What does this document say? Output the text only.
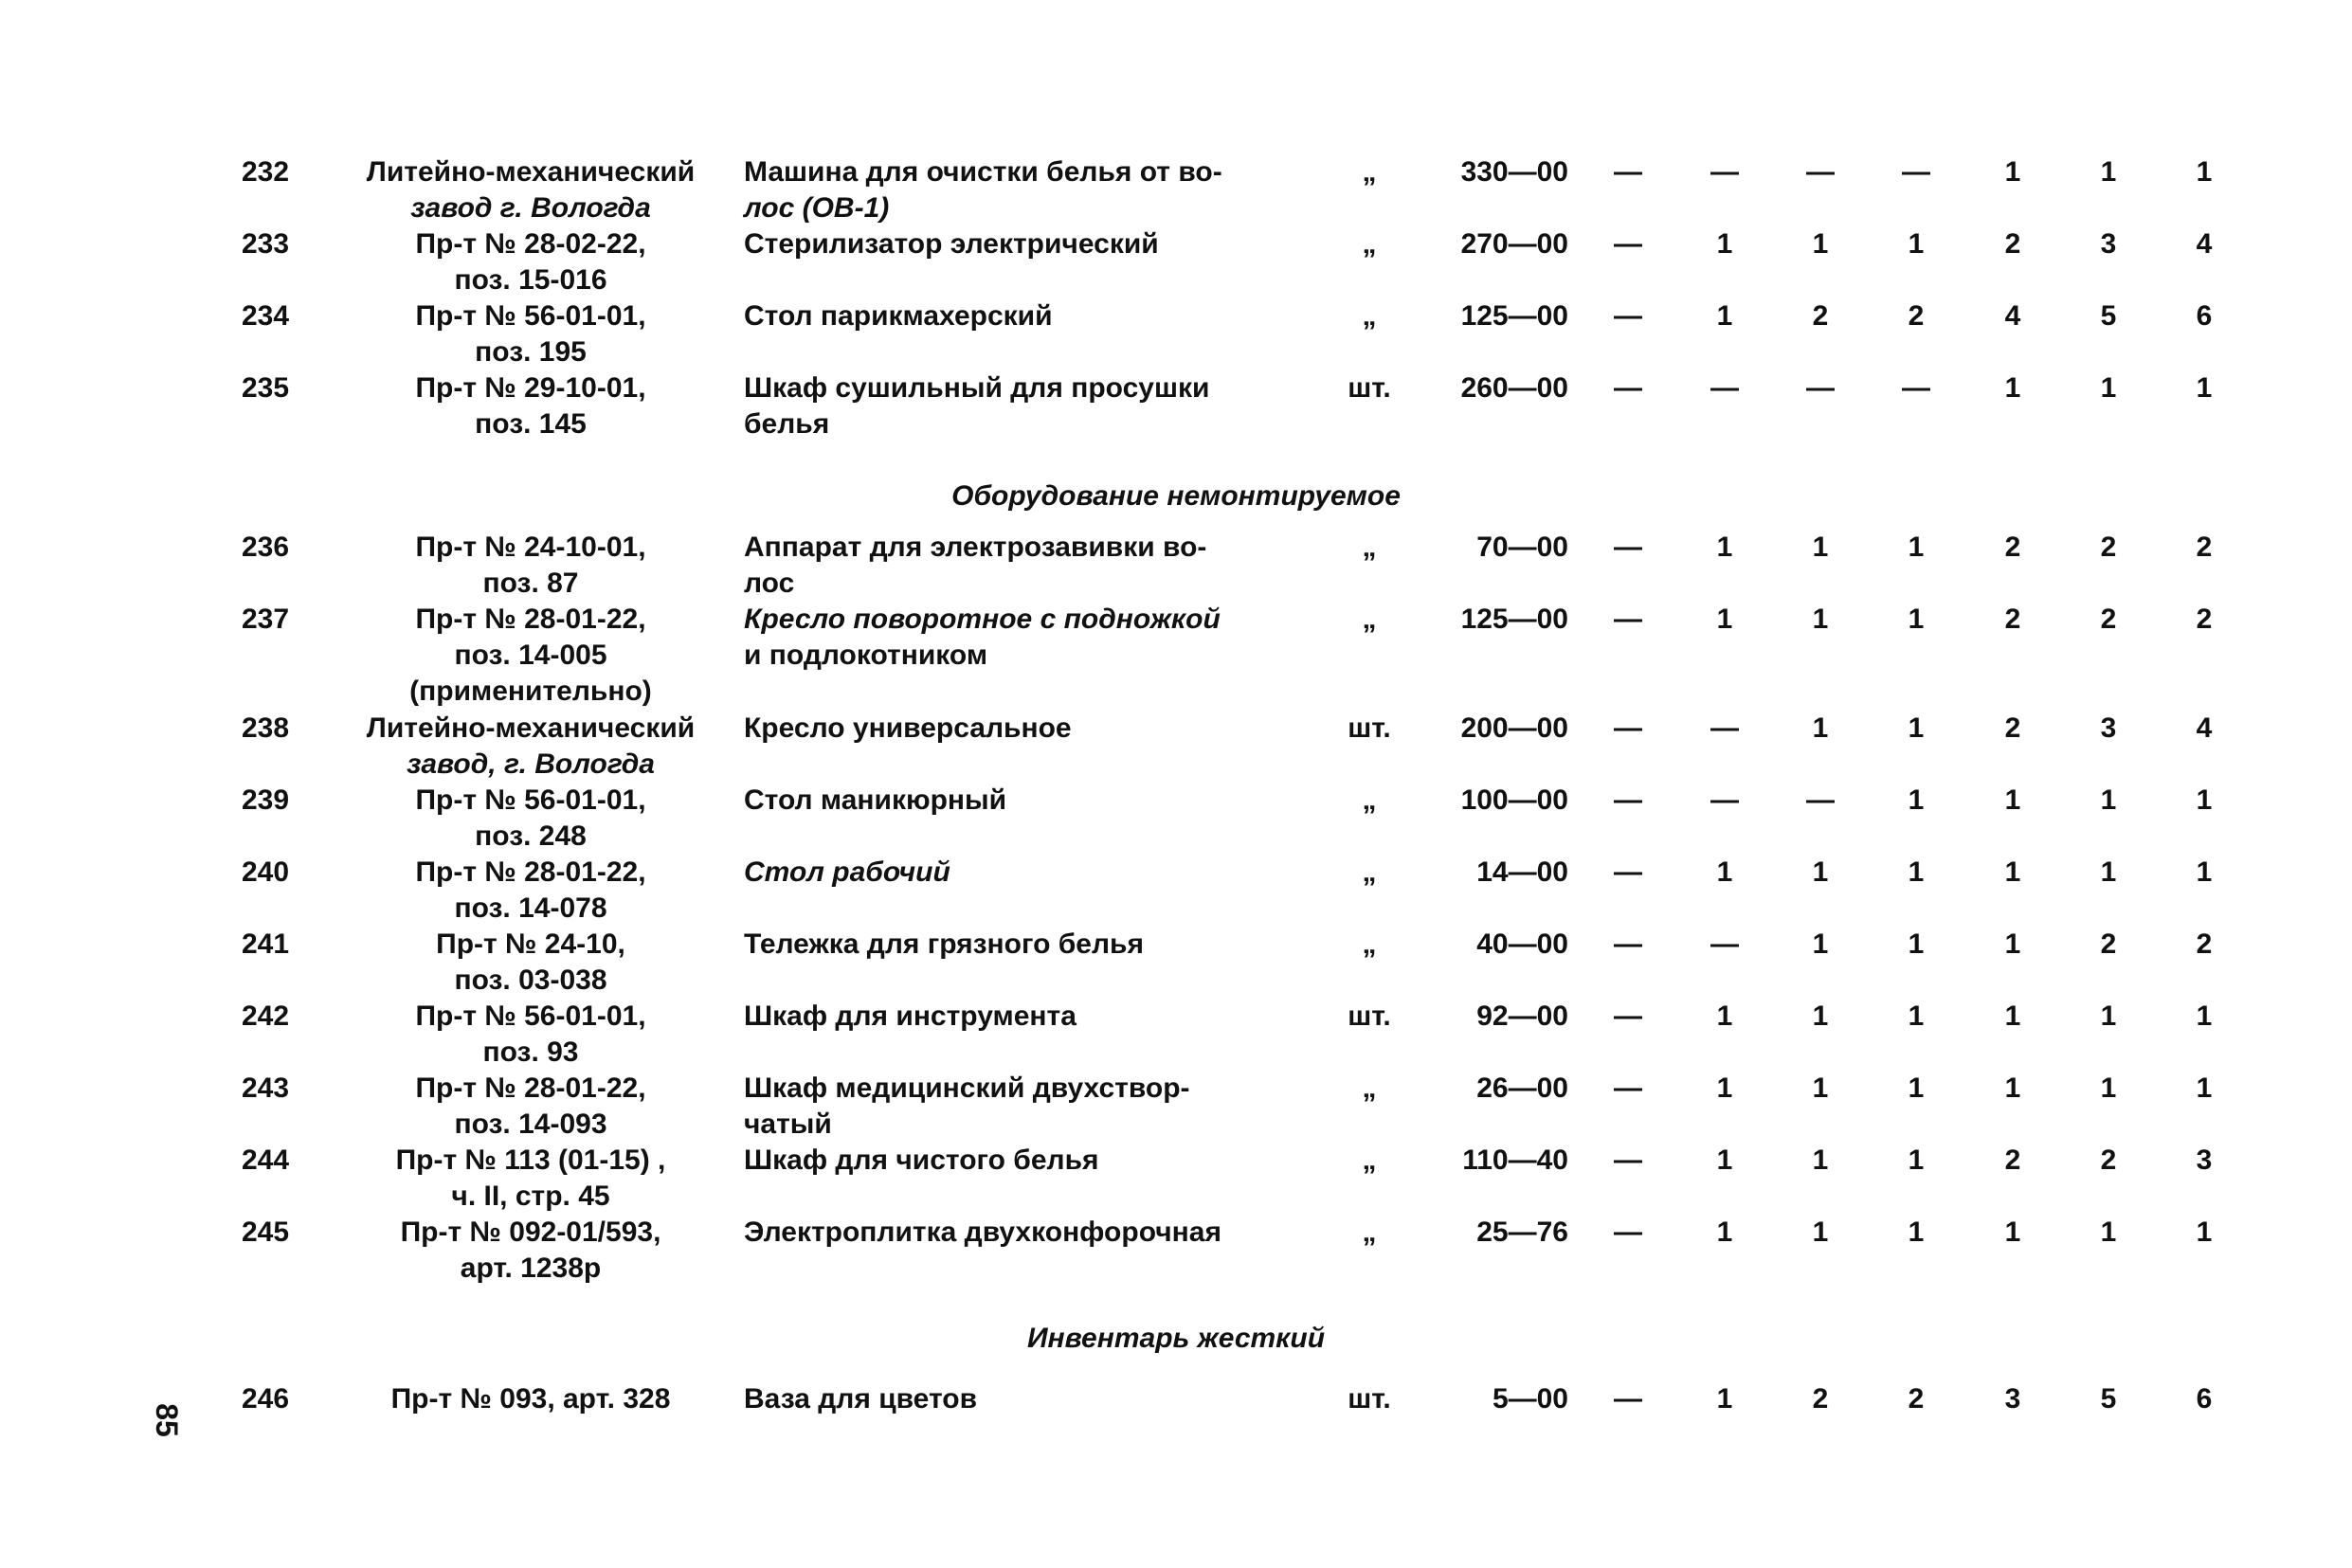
232	Литейно-механический
завод г. Вологда
Машина для очистки белья от во-
лос (ОВ-1)
„	330—00	—	—	—	—	1	1	1
233	Пр-т № 28-02-22,
поз. 15-016
Стерилизатор электрический	„	270—00	—	1	1	1	2	3	4
234	Пр-т № 56-01-01,
поз. 195
Стол парикмахерский	„	125—00	—	1	2	2	4	5	6
235	Пр-т № 29-10-01,
поз. 145
Шкаф сушильный для просушки
белья
шт.	260—00	—	—	—	—	1	1	1
236	Пр-т № 24-10-01,
поз. 87
Аппарат для электрозавивки во-
лос
„	70—00	—	1	1	1	2	2	2
237	Пр-т № 28-01-22,
поз. 14-005
(применительно)
Кресло поворотное с подножкой
и подлокотником
„	125—00	—	1	1	1	2	2	2
238	Литейно-механический
завод, г. Вологда
Кресло универсальное	шт.	200—00	—	—	1	1	2	3	4
239	Пр-т № 56-01-01,
поз. 248
Стол маникюрный	„	100—00	—	—	—	1	1	1	1
240	Пр-т № 28-01-22,
поз. 14-078
Стол рабочий	„	14—00	—	1	1	1	1	1	1
241	Пр-т № 24-10,
поз. 03-038
Тележка для грязного белья	„	40—00	—	—	1	1	1	2	2
242	Пр-т № 56-01-01,
поз. 93
Шкаф для инструмента	шт.	92—00	—	1	1	1	1	1	1
243	Пр-т № 28-01-22,
поз. 14-093
Шкаф медицинский двухствор-
чатый
„	26—00	—	1	1	1	1	1	1
244	Пр-т № 113 (01-15) ,
ч. II, стр. 45
Шкаф для чистого белья	„	110—40	—	1	1	1	2	2	3
245	Пр-т № 092-01/593,
арт. 1238р
Электроплитка двухконфорочная	„	25—76	—	1	1	1	1	1	1
246	Пр-т № 093, арт. 328	Ваза для цветов	шт.	5—00	—	1	2	2	3	5	6
Оборудование немонтируемое
Инвентарь жесткий
85
